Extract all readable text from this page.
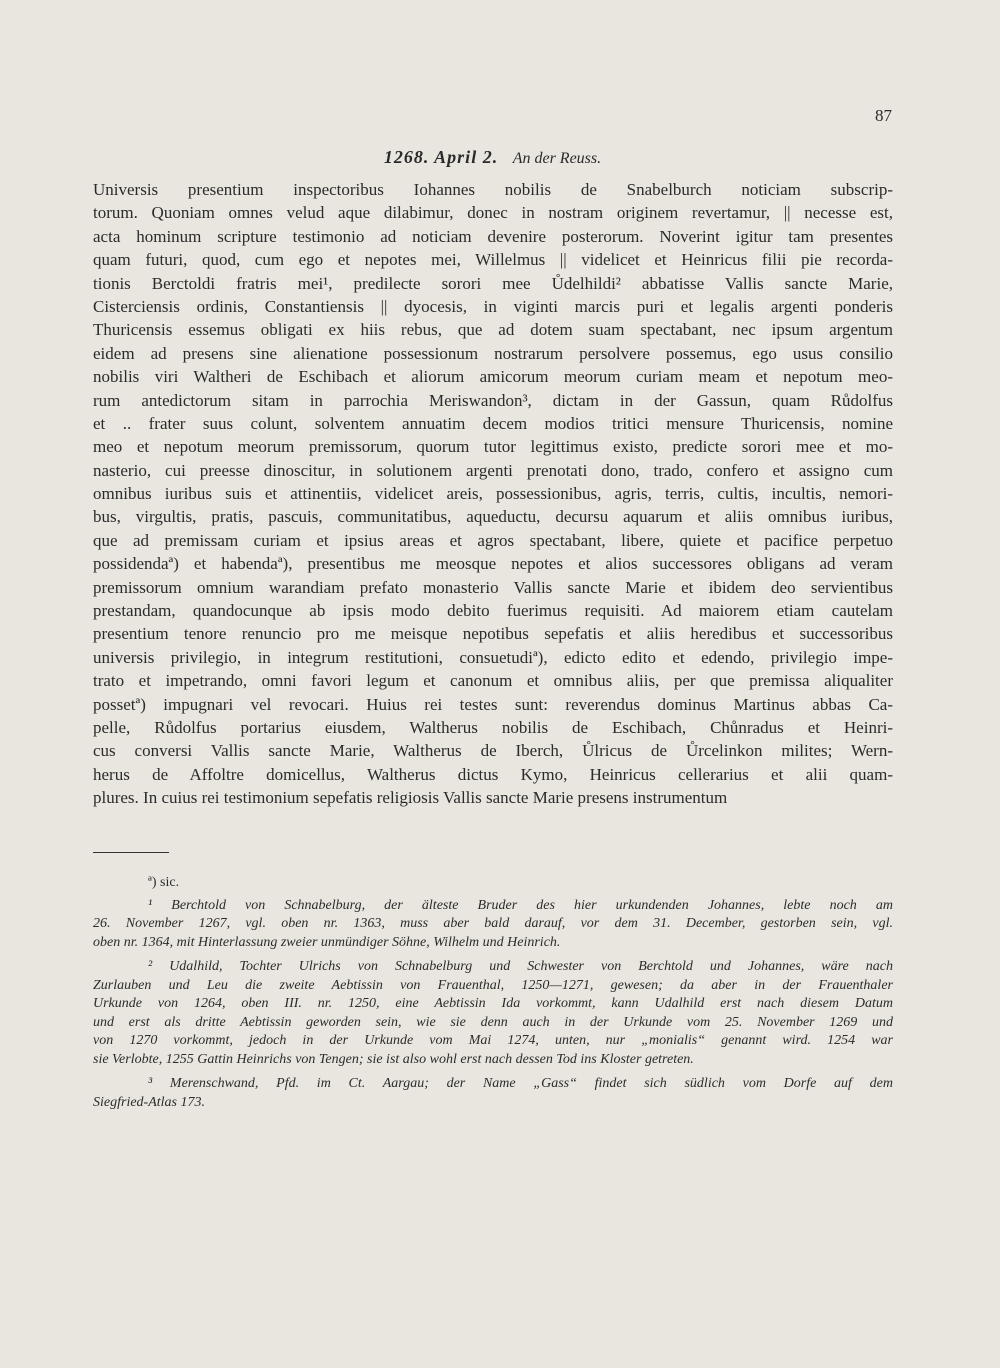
87
1268. April 2. An der Reuss.
Universis presentium inspectoribus Iohannes nobilis de Snabelburch noticiam subscrip-
torum. Quoniam omnes velud aque dilabimur, donec in nostram originem revertamur, || necesse est,
acta hominum scripture testimonio ad noticiam devenire posterorum. Noverint igitur tam presentes
quam futuri, quod, cum ego et nepotes mei, Willelmus || videlicet et Heinricus filii pie recorda-
tionis Berctoldi fratris mei¹, predilecte sorori mee Ůdelhildi² abbatisse Vallis sancte Marie,
Cisterciensis ordinis, Constantiensis || dyocesis, in viginti marcis puri et legalis argenti ponderis
Thuricensis essemus obligati ex hiis rebus, que ad dotem suam spectabant, nec ipsum argentum
eidem ad presens sine alienatione possessionum nostrarum persolvere possemus, ego usus consilio
nobilis viri Waltheri de Eschibach et aliorum amicorum meorum curiam meam et nepotum meo-
rum antedictorum sitam in parrochia Meriswandon³, dictam in der Gassun, quam Růdolfus
et .. frater suus colunt, solventem annuatim decem modios tritici mensure Thuricensis, nomine
meo et nepotum meorum premissorum, quorum tutor legittimus existo, predicte sorori mee et mo-
nasterio, cui preesse dinoscitur, in solutionem argenti prenotati dono, trado, confero et assigno cum
omnibus iuribus suis et attinentiis, videlicet areis, possessionibus, agris, terris, cultis, incultis, nemori-
bus, virgultis, pratis, pascuis, communitatibus, aqueductu, decursu aquarum et aliis omnibus iuribus,
que ad premissam curiam et ipsius areas et agros spectabant, libere, quiete et pacifice perpetuo
possidendaª) et habendaª), presentibus me meosque nepotes et alios successores obligans ad veram
premissorum omnium warandiam prefato monasterio Vallis sancte Marie et ibidem deo servientibus
prestandam, quandocunque ab ipsis modo debito fuerimus requisiti. Ad maiorem etiam cautelam
presentium tenore renuncio pro me meisque nepotibus sepefatis et aliis heredibus et successoribus
universis privilegio, in integrum restitutioni, consuetudiª), edicto edito et edendo, privilegio impe-
trato et impetrando, omni favori legum et canonum et omnibus aliis, per que premissa aliqualiter
possetª) impugnari vel revocari. Huius rei testes sunt: reverendus dominus Martinus abbas Ca-
pelle, Růdolfus portarius eiusdem, Waltherus nobilis de Eschibach, Chůnradus et Heinri-
cus conversi Vallis sancte Marie, Waltherus de Iberch, Ůlricus de Ůrcelinkon milites; Wern-
herus de Affoltre domicellus, Waltherus dictus Kymo, Heinricus cellerarius et alii quam-
plures. In cuius rei testimonium sepefatis religiosis Vallis sancte Marie presens instrumentum
ª) sic.
¹ Berchtold von Schnabelburg, der älteste Bruder des hier urkundenden Johannes, lebte noch am
26. November 1267, vgl. oben nr. 1363, muss aber bald darauf, vor dem 31. December, gestorben sein, vgl.
oben nr. 1364, mit Hinterlassung zweier unmündiger Söhne, Wilhelm und Heinrich.
² Udalhild, Tochter Ulrichs von Schnabelburg und Schwester von Berchtold und Johannes, wäre nach
Zurlauben und Leu die zweite Aebtissin von Frauenthal, 1250—1271, gewesen; da aber in der Frauenthaler
Urkunde von 1264, oben III. nr. 1250, eine Aebtissin Ida vorkommt, kann Udalhild erst nach diesem Datum
und erst als dritte Aebtissin geworden sein, wie sie denn auch in der Urkunde vom 25. November 1269 und
von 1270 vorkommt, jedoch in der Urkunde vom Mai 1274, unten, nur „monialis“ genannt wird. 1254 war
sie Verlobte, 1255 Gattin Heinrichs von Tengen; sie ist also wohl erst nach dessen Tod ins Kloster getreten.
³ Merenschwand, Pfd. im Ct. Aargau; der Name „Gass“ findet sich südlich vom Dorfe auf dem
Siegfried-Atlas 173.
